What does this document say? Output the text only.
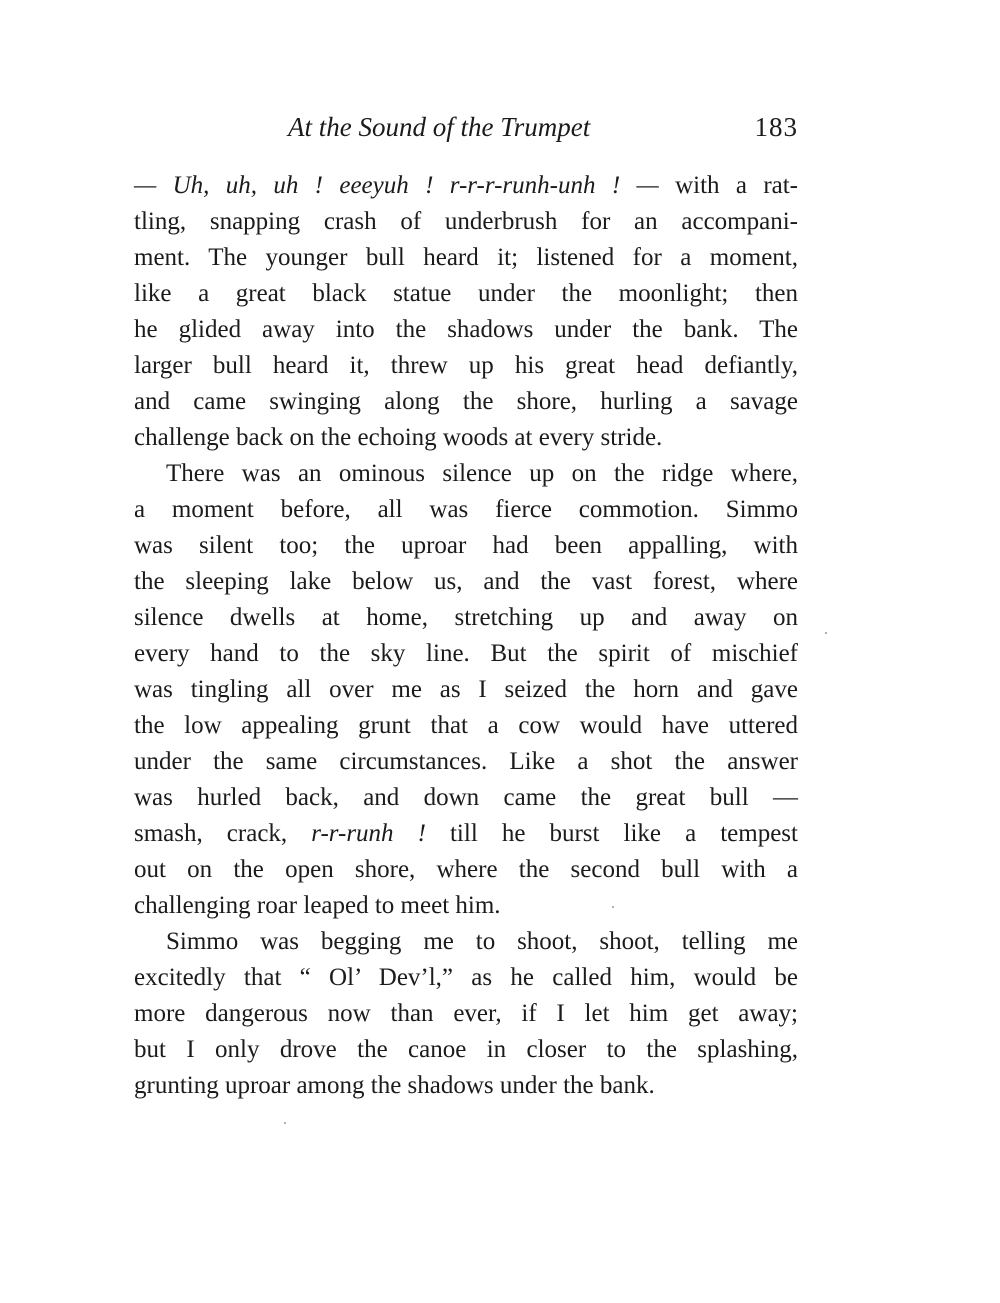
At the Sound of the Trumpet	183
— Uh, uh, uh ! eeeyuh ! r-r-r-runh-unh ! — with a rat-
tling, snapping crash of underbrush for an accompani-
ment. The younger bull heard it; listened for a moment,
like a great black statue under the moonlight; then
he glided away into the shadows under the bank. The
larger bull heard it, threw up his great head defiantly,
and came swinging along the shore, hurling a savage
challenge back on the echoing woods at every stride.
There was an ominous silence up on the ridge where,
a moment before, all was fierce commotion. Simmo
was silent too; the uproar had been appalling, with
the sleeping lake below us, and the vast forest, where
silence dwells at home, stretching up and away on
every hand to the sky line. But the spirit of mischief
was tingling all over me as I seized the horn and gave
the low appealing grunt that a cow would have uttered
under the same circumstances. Like a shot the answer
was hurled back, and down came the great bull —
smash, crack, r-r-runh ! till he burst like a tempest
out on the open shore, where the second bull with a
challenging roar leaped to meet him.
Simmo was begging me to shoot, shoot, telling me
excitedly that “ Ol’ Dev’l,” as he called him, would be
more dangerous now than ever, if I let him get away;
but I only drove the canoe in closer to the splashing,
grunting uproar among the shadows under the bank.
